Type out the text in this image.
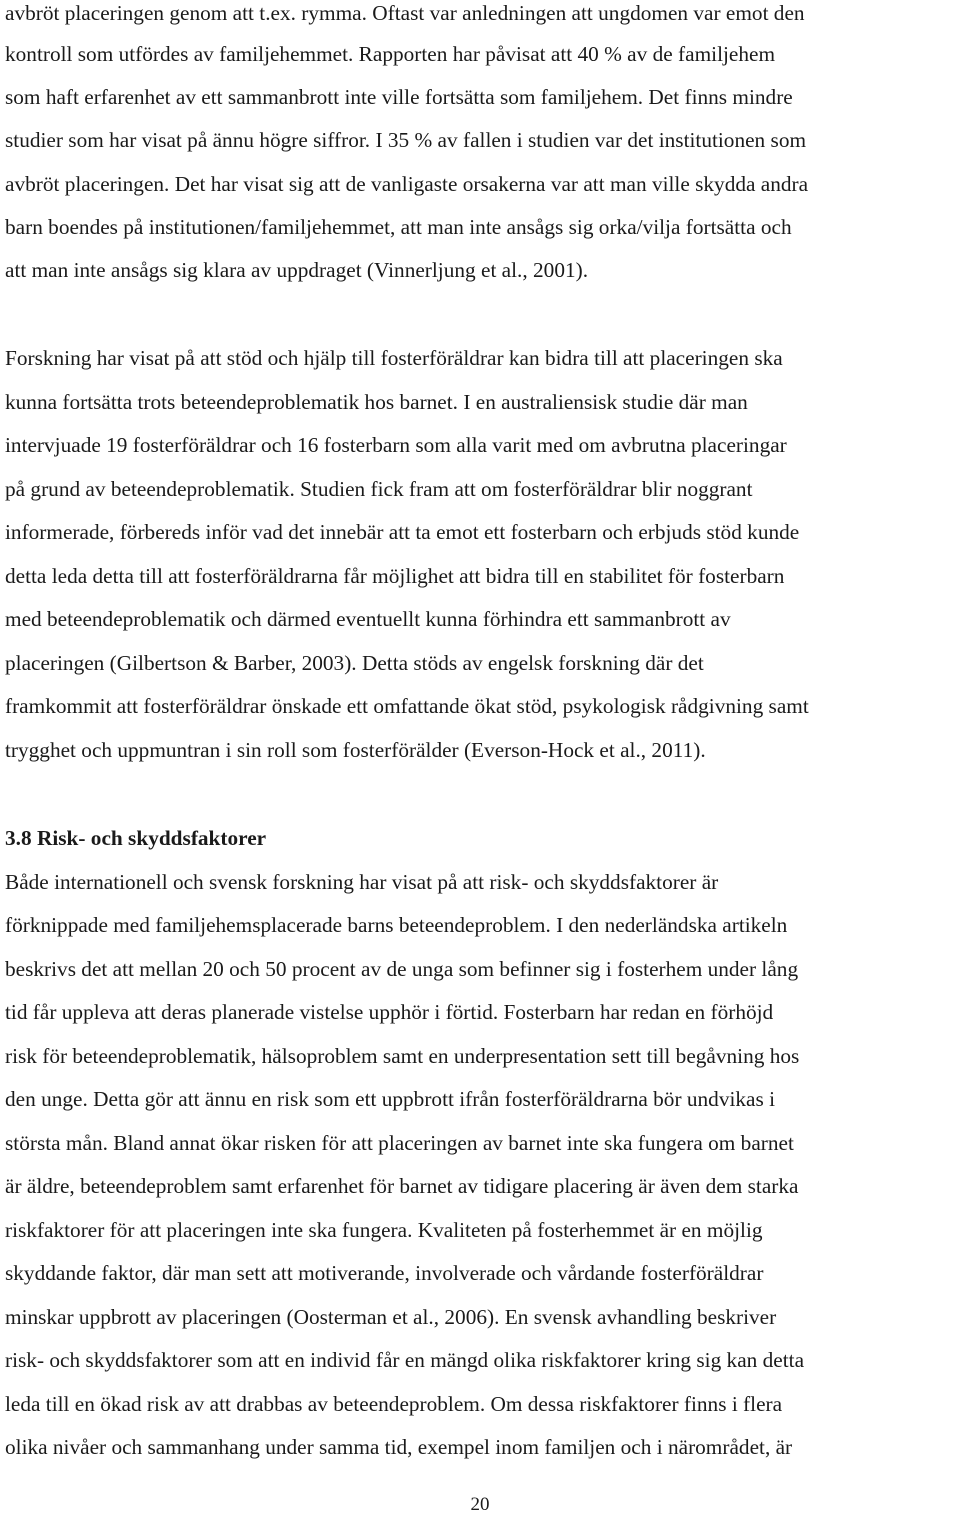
avbröt placeringen genom att t.ex. rymma. Oftast var anledningen att ungdomen var emot den
kontroll som utfördes av familjehemmet. Rapporten har påvisat att 40 % av de familjehem
som haft erfarenhet av ett sammanbrott inte ville fortsätta som familjehem. Det finns mindre
studier som har visat på ännu högre siffror. I 35 % av fallen i studien var det institutionen som
avbröt placeringen. Det har visat sig att de vanligaste orsakerna var att man ville skydda andra
barn boendes på institutionen/familjehemmet, att man inte ansågs sig orka/vilja fortsätta och
att man inte ansågs sig klara av uppdraget (Vinnerljung et al., 2001).
Forskning har visat på att stöd och hjälp till fosterföräldrar kan bidra till att placeringen ska
kunna fortsätta trots beteendeproblematik hos barnet. I en australiensisk studie där man
intervjuade 19 fosterföräldrar och 16 fosterbarn som alla varit med om avbrutna placeringar
på grund av beteendeproblematik. Studien fick fram att om fosterföräldrar blir noggrant
informerade, förbereds inför vad det innebär att ta emot ett fosterbarn och erbjuds stöd kunde
detta leda detta till att fosterföräldrarna får möjlighet att bidra till en stabilitet för fosterbarn
med beteendeproblematik och därmed eventuellt kunna förhindra ett sammanbrott av
placeringen (Gilbertson & Barber, 2003). Detta stöds av engelsk forskning där det
framkommit att fosterföräldrar önskade ett omfattande ökat stöd, psykologisk rådgivning samt
trygghet och uppmuntran i sin roll som fosterförälder (Everson-Hock et al., 2011).
3.8 Risk- och skyddsfaktorer
Både internationell och svensk forskning har visat på att risk- och skyddsfaktorer är
förknippade med familjehemsplacerade barns beteendeproblem. I den nederländska artikeln
beskrivs det att mellan 20 och 50 procent av de unga som befinner sig i fosterhem under lång
tid får uppleva att deras planerade vistelse upphör i förtid. Fosterbarn har redan en förhöjd
risk för beteendeproblematik, hälsoproblem samt en underpresentation sett till begåvning hos
den unge. Detta gör att ännu en risk som ett uppbrott ifrån fosterföräldrarna bör undvikas i
största mån. Bland annat ökar risken för att placeringen av barnet inte ska fungera om barnet
är äldre, beteendeproblem samt erfarenhet för barnet av tidigare placering är även dem starka
riskfaktorer för att placeringen inte ska fungera. Kvaliteten på fosterhemmet är en möjlig
skyddande faktor, där man sett att motiverande, involverade och vårdande fosterföräldrar
minskar uppbrott av placeringen (Oosterman et al., 2006). En svensk avhandling beskriver
risk- och skyddsfaktorer som att en individ får en mängd olika riskfaktorer kring sig kan detta
leda till en ökad risk av att drabbas av beteendeproblem. Om dessa riskfaktorer finns i flera
olika nivåer och sammanhang under samma tid, exempel inom familjen och i närområdet, är
20
